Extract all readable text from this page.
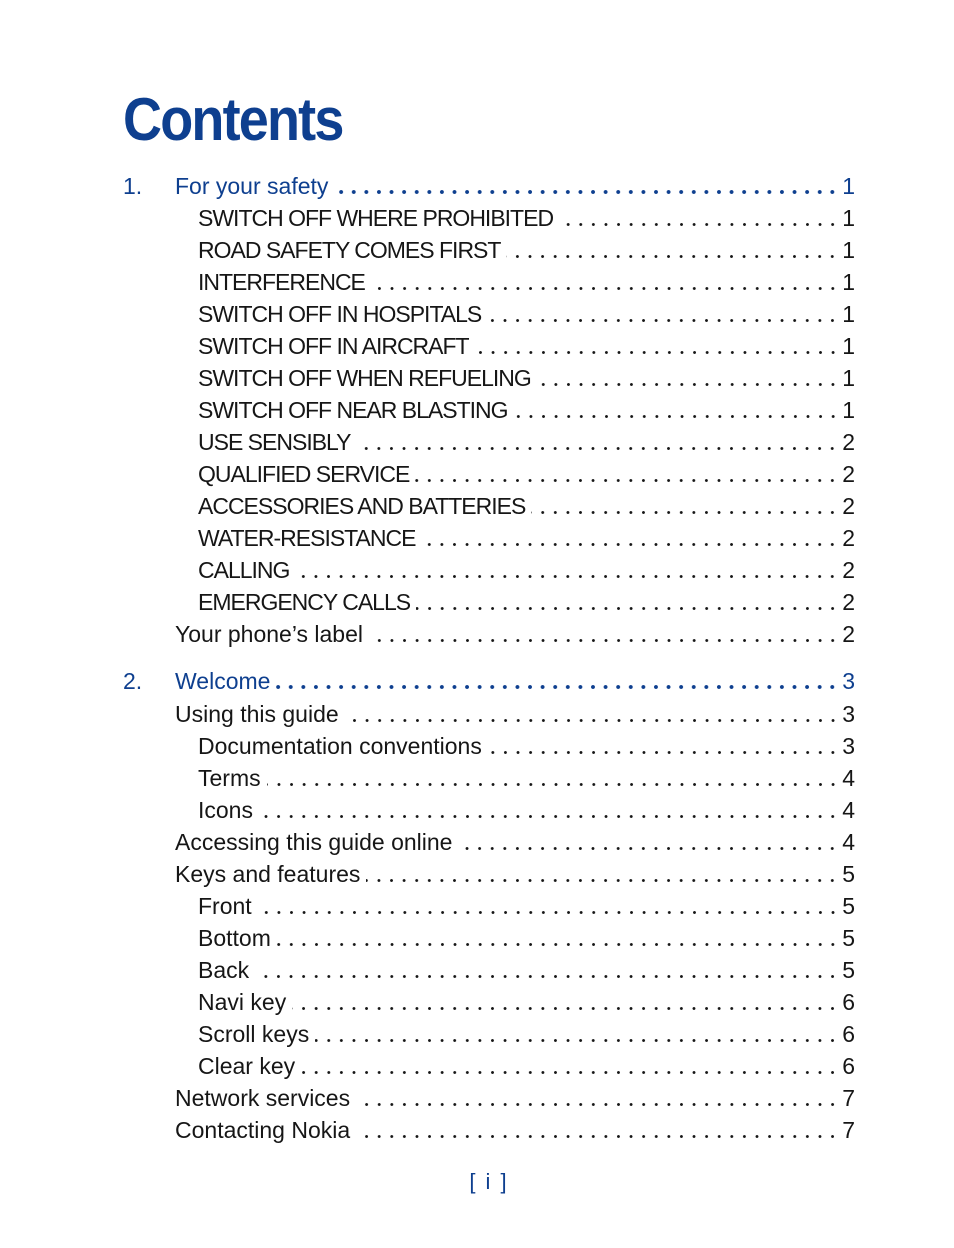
Contents
1.	For your safety	1
SWITCH OFF WHERE PROHIBITED	1
ROAD SAFETY COMES FIRST	1
INTERFERENCE	1
SWITCH OFF IN HOSPITALS	1
SWITCH OFF IN AIRCRAFT	1
SWITCH OFF WHEN REFUELING	1
SWITCH OFF NEAR BLASTING	1
USE SENSIBLY	2
QUALIFIED SERVICE	2
ACCESSORIES AND BATTERIES	2
WATER-RESISTANCE	2
CALLING	2
EMERGENCY CALLS	2
Your phone’s label	2
2.	Welcome	3
Using this guide	3
Documentation conventions	3
Terms	4
Icons	4
Accessing this guide online	4
Keys and features	5
Front	5
Bottom	5
Back	5
Navi key	6
Scroll keys	6
Clear key	6
Network services	7
Contacting Nokia	7
[ i ]
